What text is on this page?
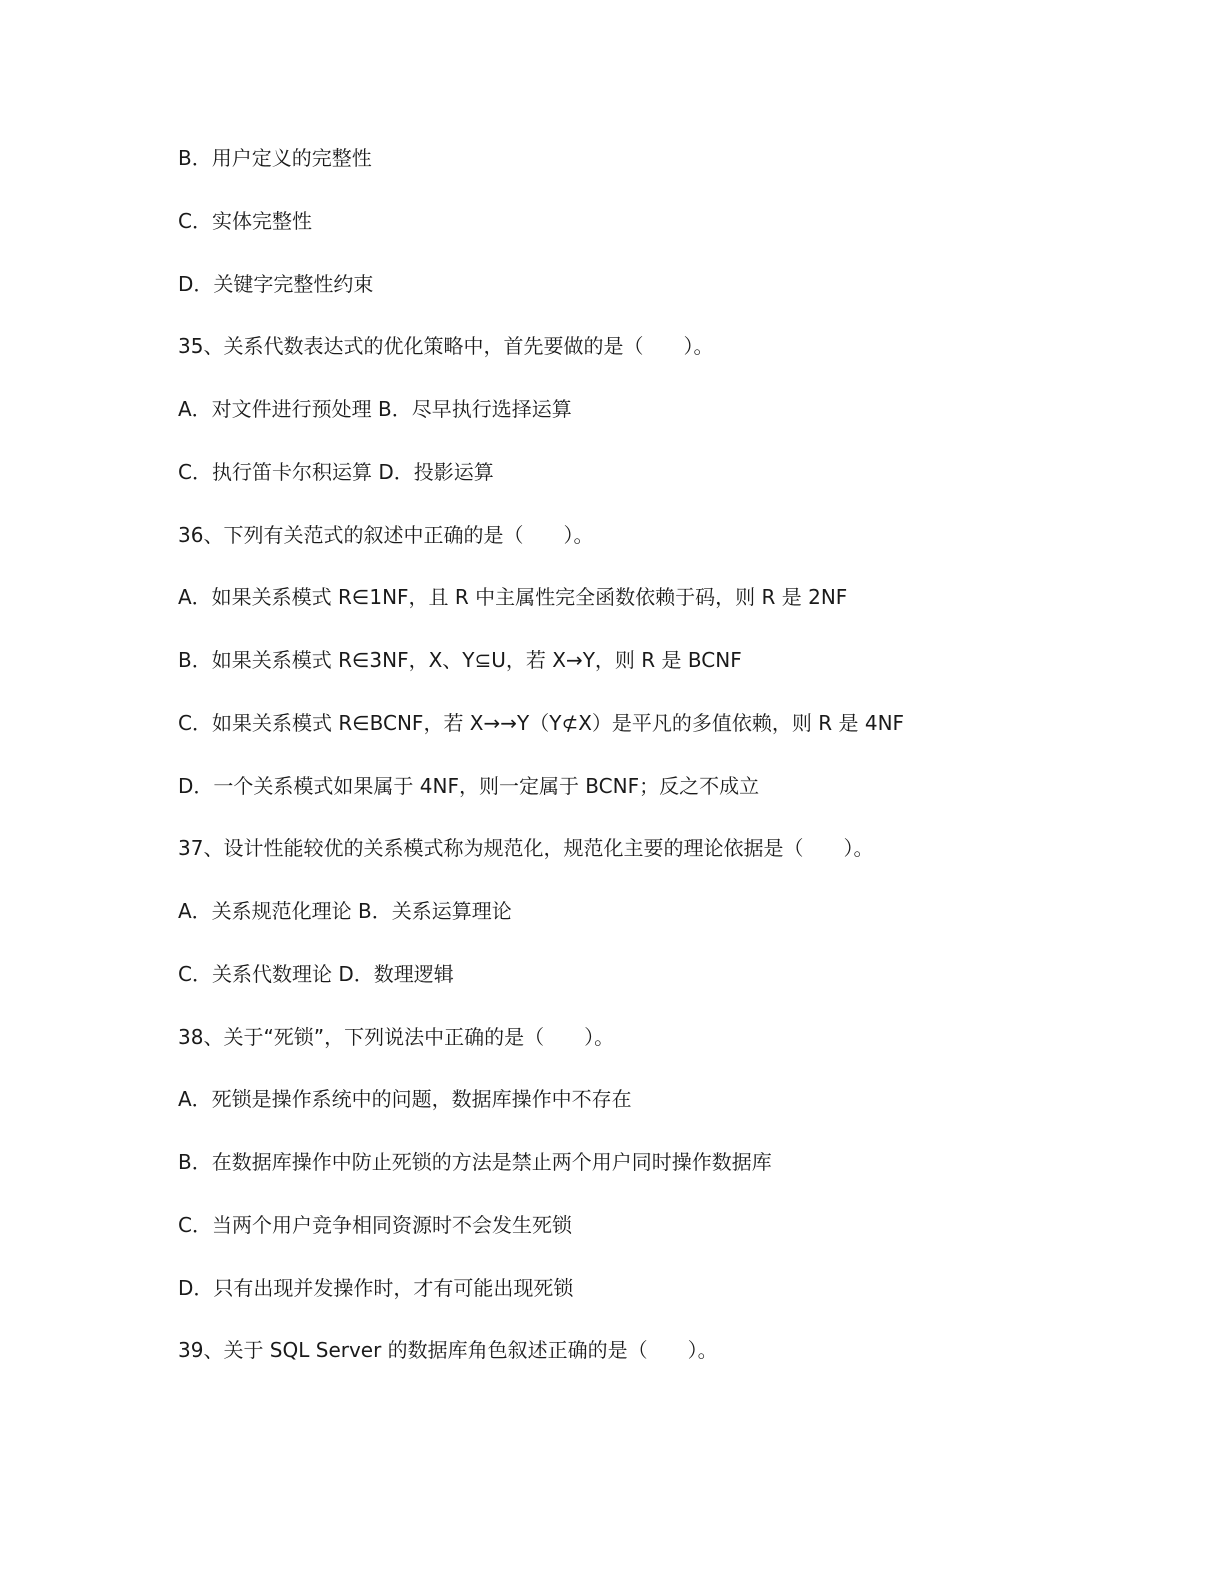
B．用户定义的完整性
C．实体完整性
D．关键字完整性约束
35、关系代数表达式的优化策略中，首先要做的是（　　）。
A．对文件进行预处理 B．尽早执行选择运算
C．执行笛卡尔积运算 D．投影运算
36、下列有关范式的叙述中正确的是（　　）。
A．如果关系模式 R∈1NF，且 R 中主属性完全函数依赖于码，则 R 是 2NF
B．如果关系模式 R∈3NF，X、Y⊆U，若 X→Y，则 R 是 BCNF
C．如果关系模式 R∈BCNF，若 X→→Y（Y⊄X）是平凡的多值依赖，则 R 是 4NF
D．一个关系模式如果属于 4NF，则一定属于 BCNF；反之不成立
37、设计性能较优的关系模式称为规范化，规范化主要的理论依据是（　　）。
A．关系规范化理论 B．关系运算理论
C．关系代数理论 D．数理逻辑
38、关于“死锁”，下列说法中正确的是（　　）。
A．死锁是操作系统中的问题，数据库操作中不存在
B．在数据库操作中防止死锁的方法是禁止两个用户同时操作数据库
C．当两个用户竞争相同资源时不会发生死锁
D．只有出现并发操作时，才有可能出现死锁
39、关于 SQL Server 的数据库角色叙述正确的是（　　）。
